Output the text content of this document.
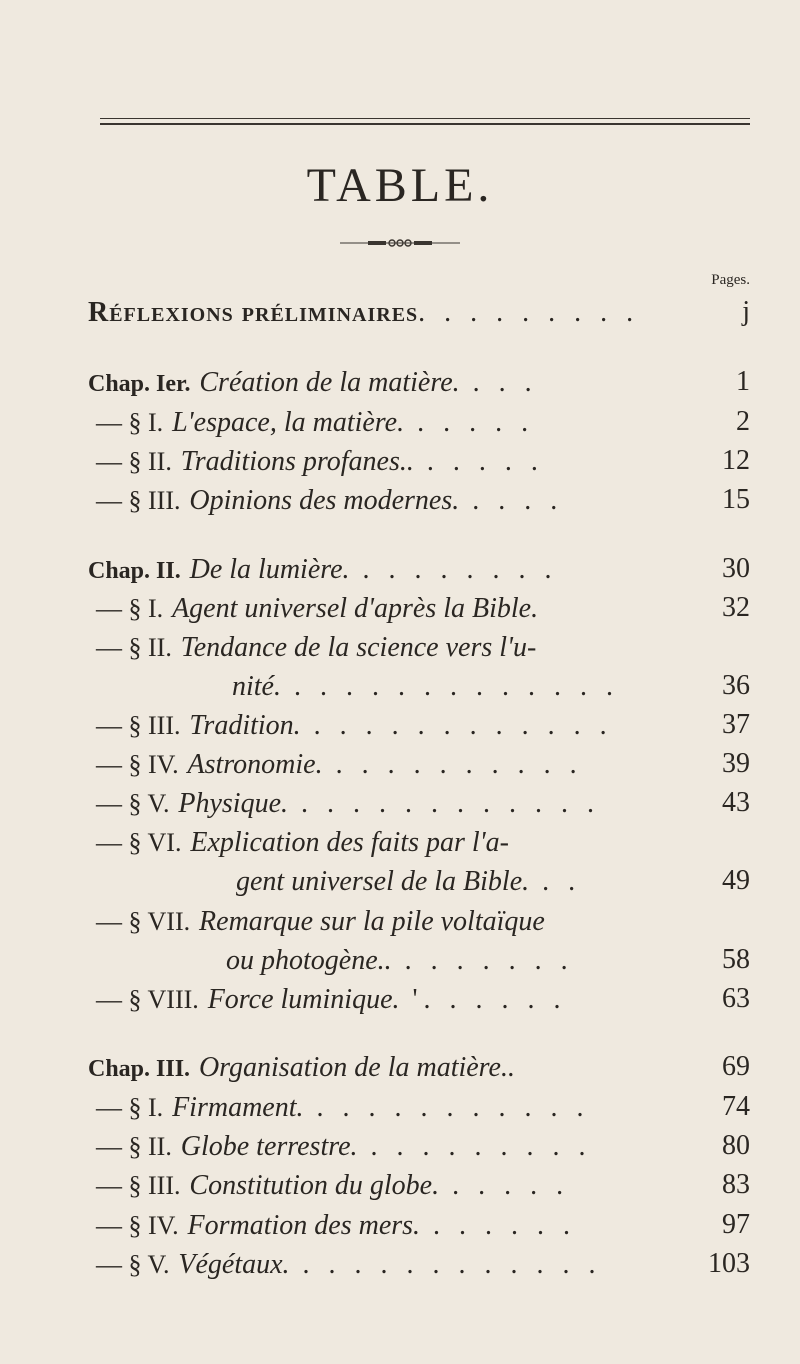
TABLE.
Pages.
Réflexions préliminaires. . . . . . . . .	j
Chap. Ier. Création de la matière. . . .	1
— § I. L'espace, la matière. . . . . .	2
— § II. Traditions profanes.. . . . . .	12
— § III. Opinions des modernes. . . . .	15
Chap. II. De la lumière. . . . . . . . .	30
— § I. Agent universel d'après la Bible.	32
— § II. Tendance de la science vers l'u-
nité. . . . . . . . . . . . . .	36
— § III. Tradition. . . . . . . . . . . . .	37
— § IV. Astronomie. . . . . . . . . . .	39
— § V. Physique. . . . . . . . . . . . .	43
— § VI. Explication des faits par l'a-
gent universel de la Bible. . .	49
— § VII. Remarque sur la pile voltaïque
ou photogène.. . . . . . . .	58
— § VIII. Force luminique. '. . . . . .	63
Chap. III. Organisation de la matière..	69
— § I. Firmament. . . . . . . . . . . .	74
— § II. Globe terrestre. . . . . . . . . .	80
— § III. Constitution du globe. . . . . .	83
— § IV. Formation des mers. . . . . . .	97
— § V. Végétaux. . . . . . . . . . . . .	103
